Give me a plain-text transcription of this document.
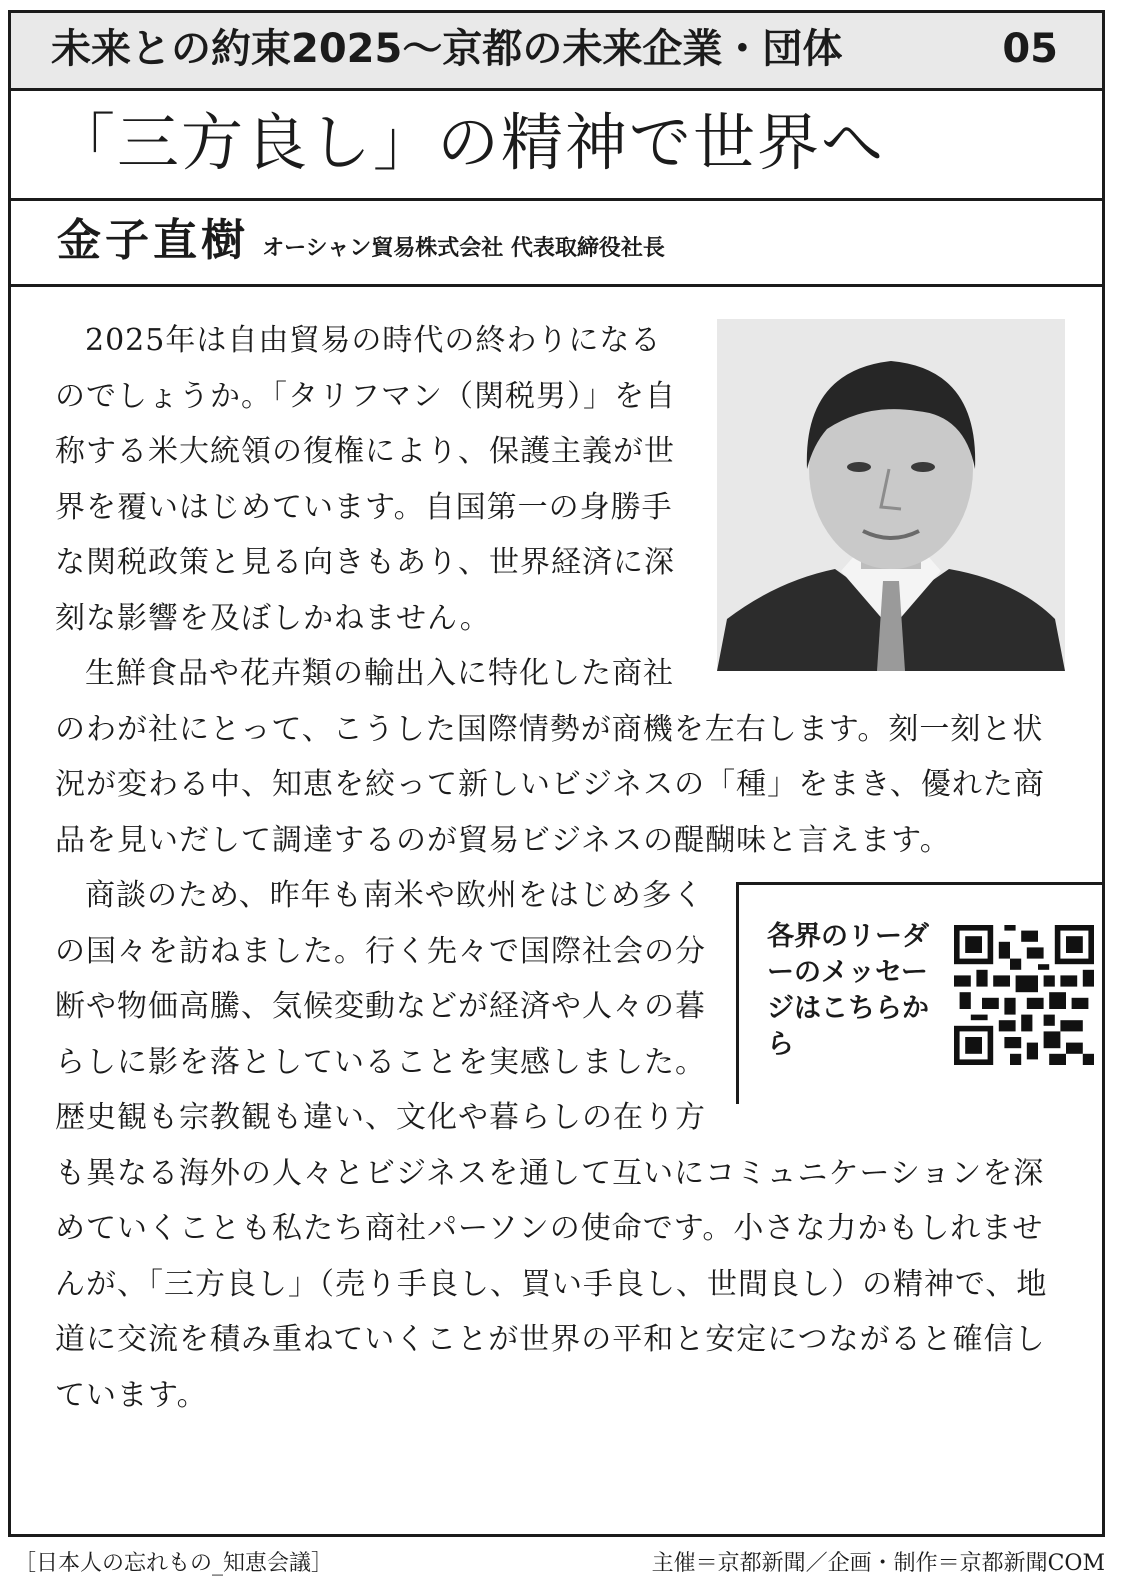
未来との約束2025～京都の未来企業・団体	05
「三方良し」の精神で世界へ
金子直樹 オーシャン貿易株式会社 代表取締役社長

2025年は自由貿易の時代の終わりになるのでしょうか。「タリフマン（関税男）」を自称する米大統領の復権により、保護主義が世界を覆いはじめています。自国第一の身勝手な関税政策と見る向きもあり、世界経済に深刻な影響を及ぼしかねません。

生鮮食品や花卉類の輸出入に特化した商社のわが社にとって、こうした国際情勢が商機を左右します。刻一刻と状況が変わる中、知恵を絞って新しいビジネスの「種」をまき、優れた商品を見いだして調達するのが貿易ビジネスの醍醐味と言えます。

各界のリーダーのメッセージはこちらから

商談のため、昨年も南米や欧州をはじめ多くの国々を訪ねました。行く先々で国際社会の分断や物価高騰、気候変動などが経済や人々の暮らしに影を落としていることを実感しました。歴史観も宗教観も違い、文化や暮らしの在り方も異なる海外の人々とビジネスを通して互いにコミュニケーションを深めていくことも私たち商社パーソンの使命です。小さな力かもしれませんが、「三方良し」（売り手良し、買い手良し、世間良し）の精神で、地道に交流を積み重ねていくことが世界の平和と安定につながると確信しています。

［日本人の忘れもの_知恵会議］	主催＝京都新聞／企画・制作＝京都新聞COM
